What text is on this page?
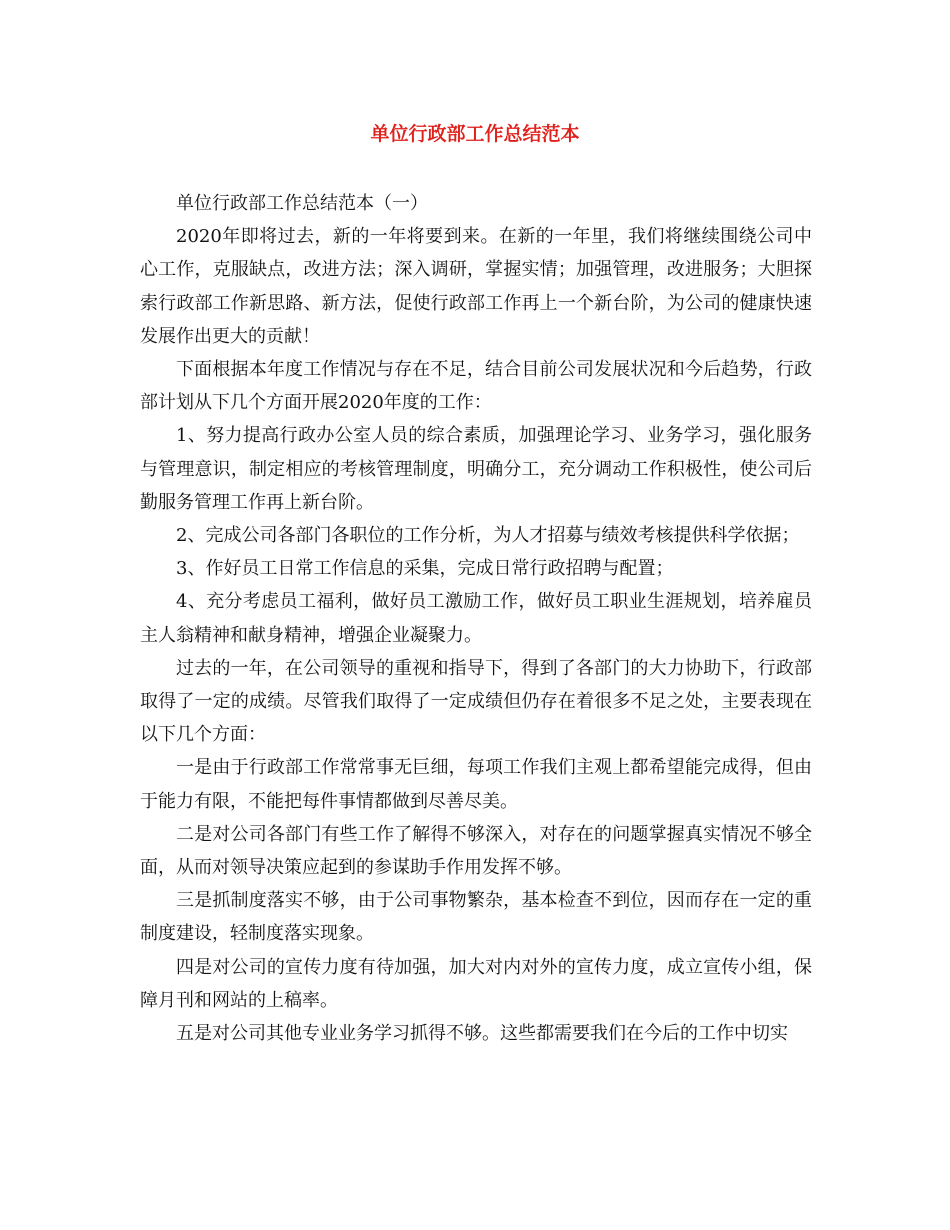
单位行政部工作总结范本

单位行政部工作总结范本（一）

2020年即将过去，新的一年将要到来。在新的一年里，我们将继续围绕公司中心工作，克服缺点，改进方法；深入调研，掌握实情；加强管理，改进服务；大胆探索行政部工作新思路、新方法，促使行政部工作再上一个新台阶，为公司的健康快速发展作出更大的贡献！

下面根据本年度工作情况与存在不足，结合目前公司发展状况和今后趋势，行政部计划从下几个方面开展2020年度的工作：

1、努力提高行政办公室人员的综合素质，加强理论学习、业务学习，强化服务与管理意识，制定相应的考核管理制度，明确分工，充分调动工作积极性，使公司后勤服务管理工作再上新台阶。

2、完成公司各部门各职位的工作分析，为人才招募与绩效考核提供科学依据；

3、作好员工日常工作信息的采集，完成日常行政招聘与配置；

4、充分考虑员工福利，做好员工激励工作，做好员工职业生涯规划，培养雇员主人翁精神和献身精神，增强企业凝聚力。

过去的一年，在公司领导的重视和指导下，得到了各部门的大力协助下，行政部取得了一定的成绩。尽管我们取得了一定成绩但仍存在着很多不足之处，主要表现在以下几个方面：

一是由于行政部工作常常事无巨细，每项工作我们主观上都希望能完成得，但由于能力有限，不能把每件事情都做到尽善尽美。

二是对公司各部门有些工作了解得不够深入，对存在的问题掌握真实情况不够全面，从而对领导决策应起到的参谋助手作用发挥不够。

三是抓制度落实不够，由于公司事物繁杂，基本检查不到位，因而存在一定的重制度建设，轻制度落实现象。

四是对公司的宣传力度有待加强，加大对内对外的宣传力度，成立宣传小组，保障月刊和网站的上稿率。

五是对公司其他专业业务学习抓得不够。这些都需要我们在今后的工作中切实
